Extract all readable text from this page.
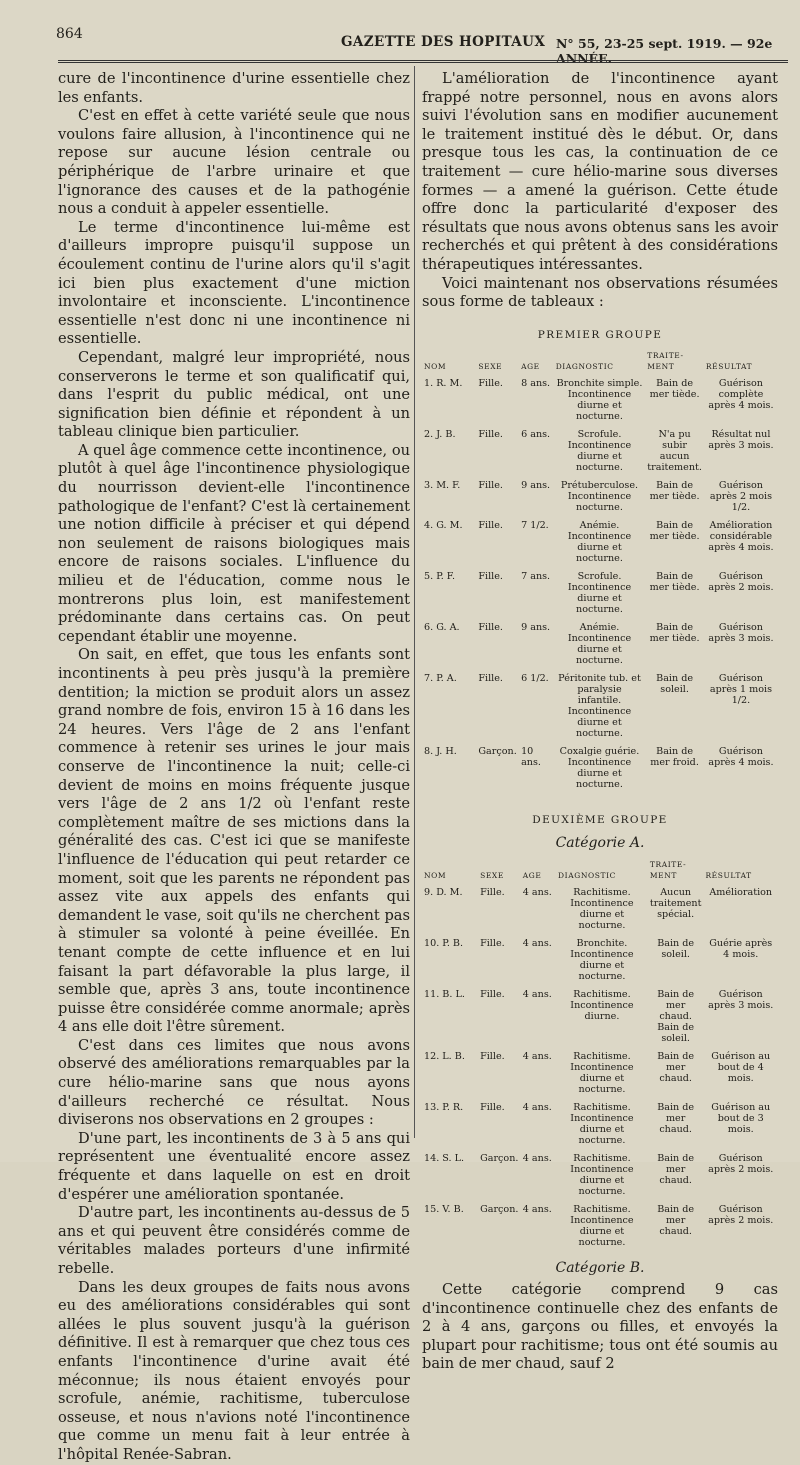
864	GAZETTE DES HOPITAUX N° 55, 23-25 sept. 1919. — 92e ANNÉE.

cure de l'incontinence d'urine essentielle chez les enfants.

C'est en effet à cette variété seule que nous voulons faire allusion, à l'incontinence qui ne repose sur aucune lésion centrale ou périphérique de l'arbre urinaire et que l'ignorance des causes et de la pathogénie nous a conduit à appeler essentielle.

Le terme d'incontinence lui-même est d'ailleurs impropre puisqu'il suppose un écoulement continu de l'urine alors qu'il s'agit ici bien plus exactement d'une miction involontaire et inconsciente. L'incontinence essentielle n'est donc ni une incontinence ni essentielle.

Cependant, malgré leur impropriété, nous conserverons le terme et son qualificatif qui, dans l'esprit du public médical, ont une signification bien définie et répondent à un tableau clinique bien particulier.

A quel âge commence cette incontinence, ou plutôt à quel âge l'incontinence physiologique du nourrisson devient-elle l'incontinence pathologique de l'enfant? C'est là certainement une notion difficile à préciser et qui dépend non seulement de raisons biologiques mais encore de raisons sociales. L'influence du milieu et de l'éducation, comme nous le montrerons plus loin, est manifestement prédominante dans certains cas. On peut cependant établir une moyenne.

On sait, en effet, que tous les enfants sont incontinents à peu près jusqu'à la première dentition; la miction se produit alors un assez grand nombre de fois, environ 15 à 16 dans les 24 heures. Vers l'âge de 2 ans l'enfant commence à retenir ses urines le jour mais conserve de l'incontinence la nuit; celle-ci devient de moins en moins fréquente jusque vers l'âge de 2 ans 1/2 où l'enfant reste complètement maître de ses mictions dans la généralité des cas. C'est ici que se manifeste l'influence de l'éducation qui peut retarder ce moment, soit que les parents ne répondent pas assez vite aux appels des enfants qui demandent le vase, soit qu'ils ne cherchent pas à stimuler sa volonté à peine éveillée. En tenant compte de cette influence et en lui faisant la part défavorable la plus large, il semble que, après 3 ans, toute incontinence puisse être considérée comme anormale; après 4 ans elle doit l'être sûrement.

C'est dans ces limites que nous avons observé des améliorations remarquables par la cure hélio-marine sans que nous ayons d'ailleurs recherché ce résultat. Nous diviserons nos observations en 2 groupes :

D'une part, les incontinents de 3 à 5 ans qui représentent une éventualité encore assez fréquente et dans laquelle on est en droit d'espérer une amélioration spontanée.

D'autre part, les incontinents au-dessus de 5 ans et qui peuvent être considérés comme de véritables malades porteurs d'une infirmité rebelle.

Dans les deux groupes de faits nous avons eu des améliorations considérables qui sont allées le plus souvent jusqu'à la guérison définitive. Il est à remarquer que chez tous ces enfants l'incontinence d'urine avait été méconnue; ils nous étaient envoyés pour scrofule, anémie, rachitisme, tuberculose osseuse, et nous n'avions noté l'incontinence que comme un menu fait à leur entrée à l'hôpital Renée-Sabran.

L'amélioration de l'incontinence ayant frappé notre personnel, nous en avons alors suivi l'évolution sans en modifier aucunement le traitement institué dès le début. Or, dans presque tous les cas, la continuation de ce traitement — cure hélio-marine sous diverses formes — a amené la guérison. Cette étude offre donc la particularité d'exposer des résultats que nous avons obtenus sans les avoir recherchés et qui prêtent à des considérations thérapeutiques intéressantes.

Voici maintenant nos observations résumées sous forme de tableaux :

PREMIER GROUPE
NOM	SEXE	AGE	DIAGNOSTIC	TRAITE-MENT	RÉSULTAT
1. R. M.	Fille.	8 ans.	Bronchite simple. Incontinence diurne et nocturne.	Bain de mer tiède.	Guérison complète après 4 mois.
2. J. B.	Fille.	6 ans.	Scrofule. Incontinence diurne et nocturne.	N'a pu subir aucun traitement.	Résultat nul après 3 mois.
3. M. F.	Fille.	9 ans.	Prétuberculose. Incontinence nocturne.	Bain de mer tiède.	Guérison après 2 mois 1/2.
4. G. M.	Fille.	7 1/2.	Anémie. Incontinence diurne et nocturne.	Bain de mer tiède.	Amélioration considérable après 4 mois.
5. P. F.	Fille.	7 ans.	Scrofule. Incontinence diurne et nocturne.	Bain de mer tiède.	Guérison après 2 mois.
6. G. A.	Fille.	9 ans.	Anémie. Incontinence diurne et nocturne.	Bain de mer tiède.	Guérison après 3 mois.
7. P. A.	Fille.	6 1/2.	Péritonite tub. et paralysie infantile. Incontinence diurne et nocturne.	Bain de soleil.	Guérison après 1 mois 1/2.
8. J. H.	Garçon.	10 ans.	Coxalgie guérie. Incontinence diurne et nocturne.	Bain de mer froid.	Guérison après 4 mois.
DEUXIÈME GROUPE
Catégorie A.
NOM	SEXE	AGE	DIAGNOSTIC	TRAITE-MENT	RÉSULTAT
9. D. M.	Fille.	4 ans.	Rachitisme. Incontinence diurne et nocturne.	Aucun traitement spécial.	Amélioration
10. P. B.	Fille.	4 ans.	Bronchite. Incontinence diurne et nocturne.	Bain de soleil.	Guérie après 4 mois.
11. B. L.	Fille.	4 ans.	Rachitisme. Incontinence diurne.	Bain de mer chaud. Bain de soleil.	Guérison après 3 mois.
12. L. B.	Fille.	4 ans.	Rachitisme. Incontinence diurne et nocturne.	Bain de mer chaud.	Guérison au bout de 4 mois.
13. P. R.	Fille.	4 ans.	Rachitisme. Incontinence diurne et nocturne.	Bain de mer chaud.	Guérison au bout de 3 mois.
14. S. L.	Garçon.	4 ans.	Rachitisme. Incontinence diurne et nocturne.	Bain de mer chaud.	Guérison après 2 mois.
15. V. B.	Garçon.	4 ans.	Rachitisme. Incontinence diurne et nocturne.	Bain de mer chaud.	Guérison après 2 mois.
Catégorie B.

Cette catégorie comprend 9 cas d'incontinence continuelle chez des enfants de 2 à 4 ans, garçons ou filles, et envoyés la plupart pour rachitisme; tous ont été soumis au bain de mer chaud, sauf 2
